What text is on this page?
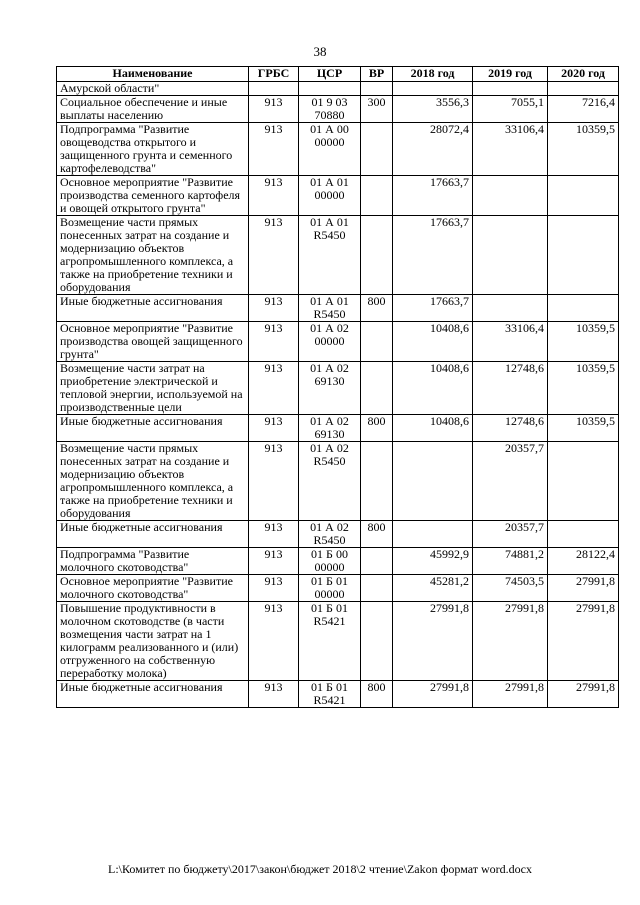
38
Наименование	ГРБС	ЦСР	ВР	2018 год	2019 год	2020 год
Амурской области"						
Социальное обеспечение и иные выплаты населению	913	01 9 03 70880	300	3556,3	7055,1	7216,4
Подпрограмма "Развитие овощеводства открытого и защищенного грунта и семенного картофелеводства"	913	01 А 00 00000		28072,4	33106,4	10359,5
Основное мероприятие "Развитие производства семенного картофеля и овощей открытого грунта"	913	01 А 01 00000		17663,7		
Возмещение части прямых понесенных затрат на создание и модернизацию объектов агропромышленного комплекса, а также на приобретение техники и оборудования	913	01 А 01 R5450		17663,7		
Иные бюджетные ассигнования	913	01 А 01 R5450	800	17663,7		
Основное мероприятие "Развитие производства овощей защищенного грунта"	913	01 А 02 00000		10408,6	33106,4	10359,5
Возмещение части затрат на приобретение электрической и тепловой энергии, используемой на производственные цели	913	01 А 02 69130		10408,6	12748,6	10359,5
Иные бюджетные ассигнования	913	01 А 02 69130	800	10408,6	12748,6	10359,5
Возмещение части прямых понесенных затрат на создание и модернизацию объектов агропромышленного комплекса, а также на приобретение техники и оборудования	913	01 А 02 R5450			20357,7	
Иные бюджетные ассигнования	913	01 А 02 R5450	800		20357,7	
Подпрограмма "Развитие молочного скотоводства"	913	01 Б 00 00000		45992,9	74881,2	28122,4
Основное мероприятие "Развитие молочного скотоводства"	913	01 Б 01 00000		45281,2	74503,5	27991,8
Повышение продуктивности в молочном скотоводстве (в части возмещения части затрат на 1 килограмм реализованного и (или) отгруженного на собственную переработку молока)	913	01 Б 01 R5421		27991,8	27991,8	27991,8
Иные бюджетные ассигнования	913	01 Б 01 R5421	800	27991,8	27991,8	27991,8
L:\Комитет по бюджету\2017\закон\бюджет 2018\2 чтение\Zakon формат word.docx
